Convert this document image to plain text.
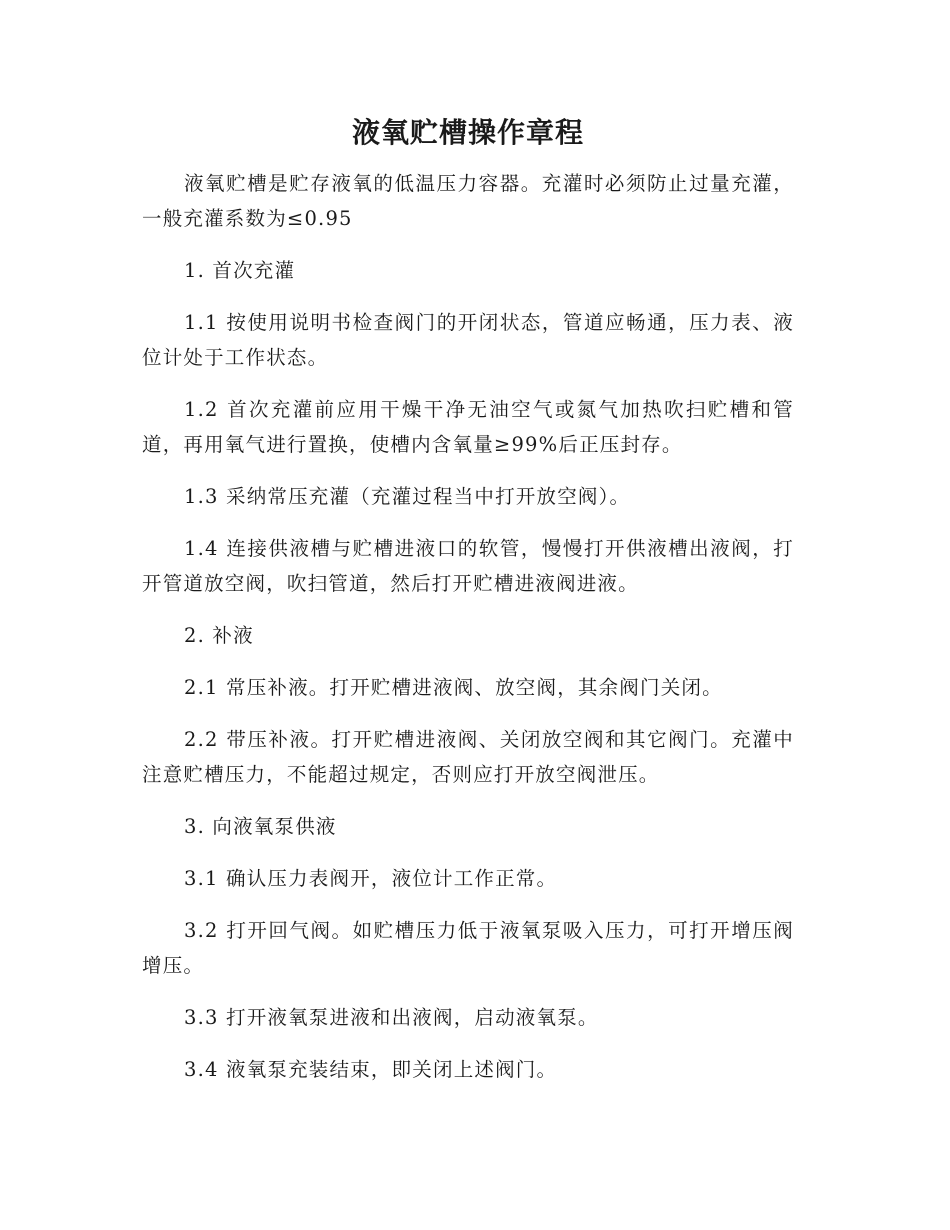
液氧贮槽操作章程

液氧贮槽是贮存液氧的低温压力容器。充灌时必须防止过量充灌，一般充灌系数为≤0.95

1. 首次充灌

1.1 按使用说明书检查阀门的开闭状态，管道应畅通，压力表、液位计处于工作状态。

1.2 首次充灌前应用干燥干净无油空气或氮气加热吹扫贮槽和管道，再用氧气进行置换，使槽内含氧量≥99%后正压封存。

1.3 采纳常压充灌（充灌过程当中打开放空阀）。

1.4 连接供液槽与贮槽进液口的软管，慢慢打开供液槽出液阀，打开管道放空阀，吹扫管道，然后打开贮槽进液阀进液。

2. 补液

2.1 常压补液。打开贮槽进液阀、放空阀，其余阀门关闭。

2.2 带压补液。打开贮槽进液阀、关闭放空阀和其它阀门。充灌中注意贮槽压力，不能超过规定，否则应打开放空阀泄压。

3. 向液氧泵供液

3.1 确认压力表阀开，液位计工作正常。

3.2 打开回气阀。如贮槽压力低于液氧泵吸入压力，可打开增压阀增压。

3.3 打开液氧泵进液和出液阀，启动液氧泵。

3.4 液氧泵充装结束，即关闭上述阀门。
